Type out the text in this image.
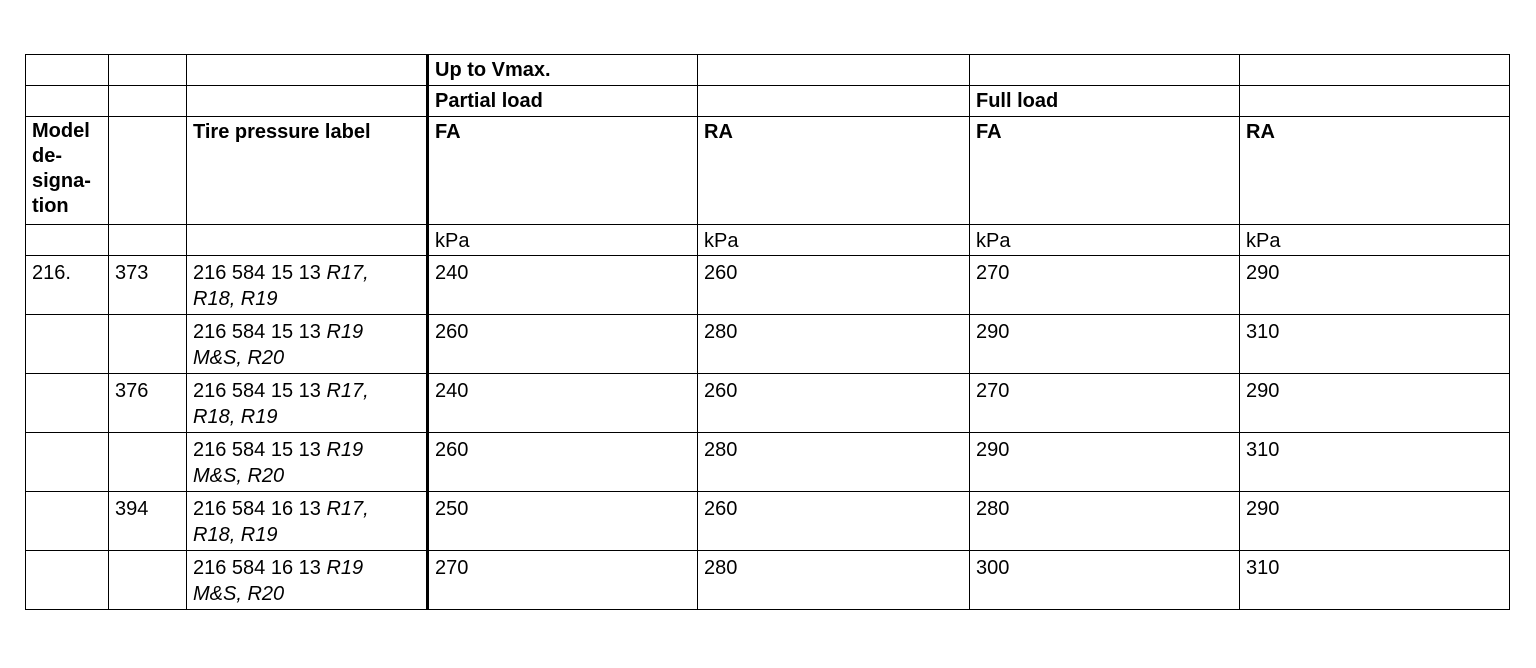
			Up to Vmax.			
			Partial load		Full load	

Model
de-
signa-
tion		Tire pressure label	FA	RA	FA	RA
			kPa	kPa	kPa	kPa
216.	373	216 584 15 13 R17,
R18, R19	240	260	270	290
		216 584 15 13 R19
M&S, R20	260	280	290	310
	376	216 584 15 13 R17,
R18, R19	240	260	270	290
		216 584 15 13 R19
M&S, R20	260	280	290	310
	394	216 584 16 13 R17,
R18, R19	250	260	280	290
		216 584 16 13 R19
M&S, R20	270	280	300	310
